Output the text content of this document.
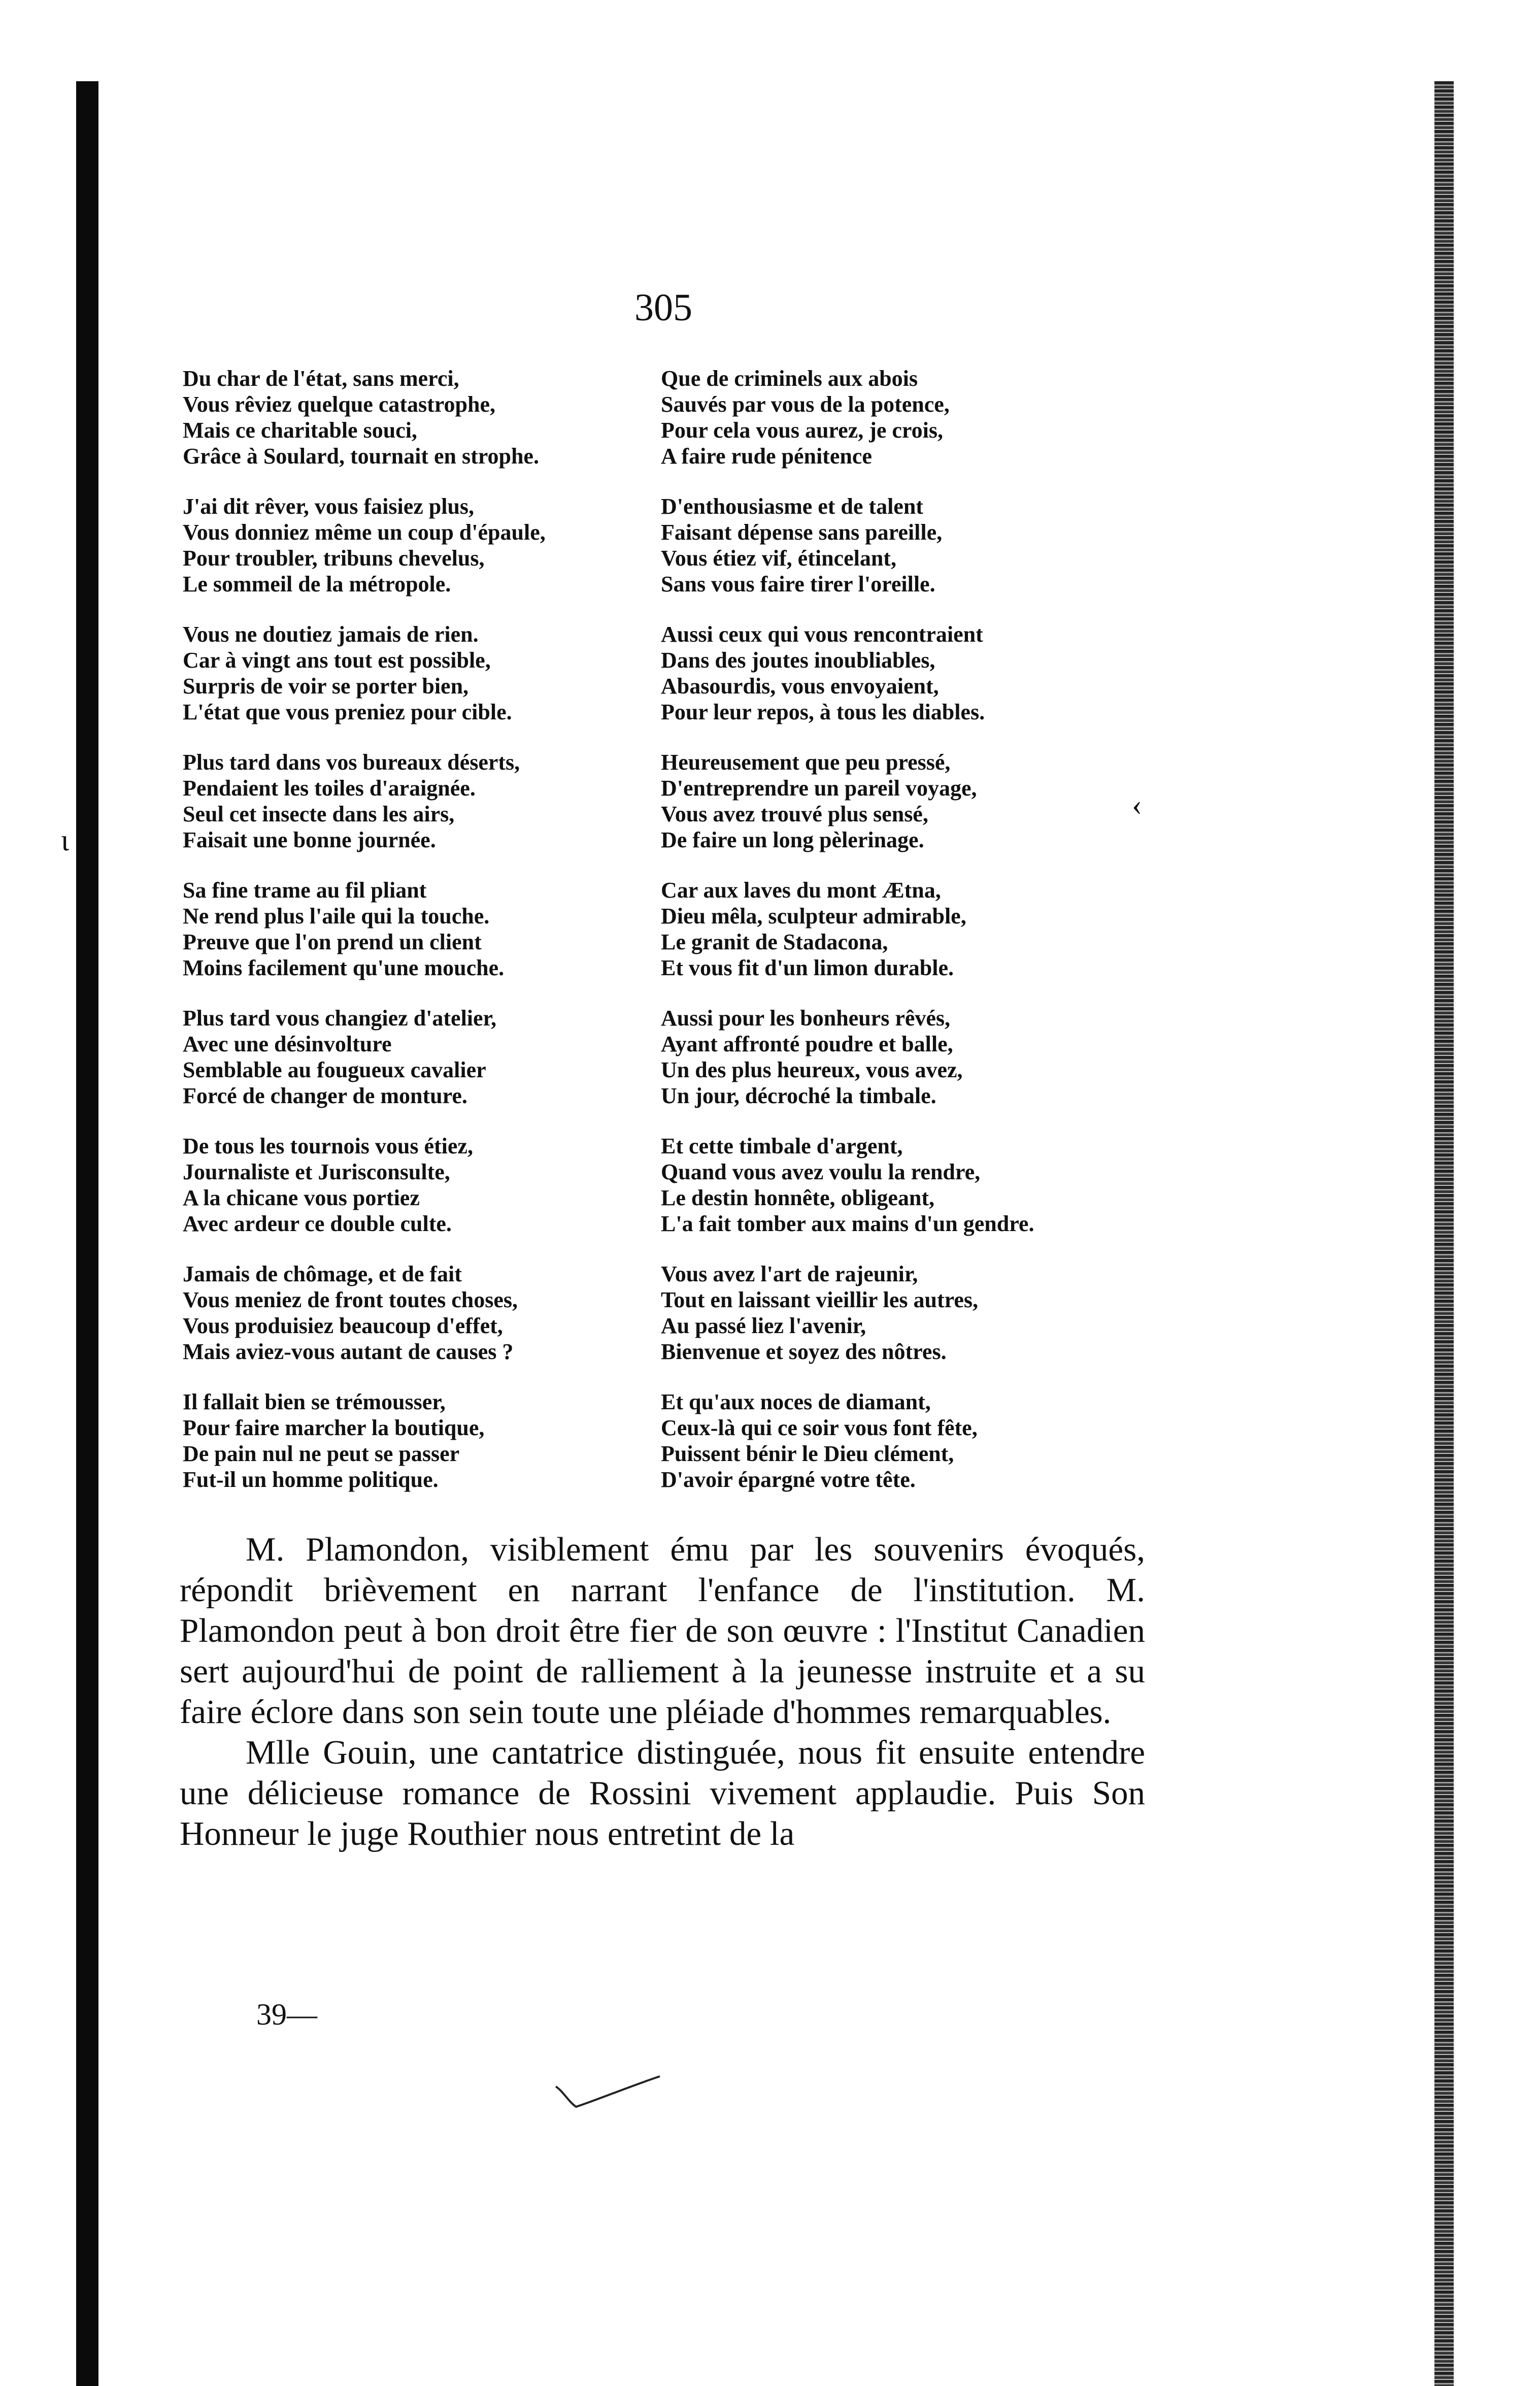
305
Du char de l'état, sans merci,
Vous rêviez quelque catastrophe,
Mais ce charitable souci,
Grâce à Soulard, tournait en strophe.
J'ai dit rêver, vous faisiez plus,
Vous donniez même un coup d'épaule,
Pour troubler, tribuns chevelus,
Le sommeil de la métropole.
Vous ne doutiez jamais de rien.
Car à vingt ans tout est possible,
Surpris de voir se porter bien,
L'état que vous preniez pour cible.
Plus tard dans vos bureaux déserts,
Pendaient les toiles d'araignée.
Seul cet insecte dans les airs,
Faisait une bonne journée.
Sa fine trame au fil pliant
Ne rend plus l'aile qui la touche.
Preuve que l'on prend un client
Moins facilement qu'une mouche.
Plus tard vous changiez d'atelier,
Avec une désinvolture
Semblable au fougueux cavalier
Forcé de changer de monture.
De tous les tournois vous étiez,
Journaliste et Jurisconsulte,
A la chicane vous portiez
Avec ardeur ce double culte.
Jamais de chômage, et de fait
Vous meniez de front toutes choses,
Vous produisiez beaucoup d'effet,
Mais aviez-vous autant de causes ?
Il fallait bien se trémousser,
Pour faire marcher la boutique,
De pain nul ne peut se passer
Fut-il un homme politique.
Que de criminels aux abois
Sauvés par vous de la potence,
Pour cela vous aurez, je crois,
A faire rude pénitence
D'enthousiasme et de talent
Faisant dépense sans pareille,
Vous étiez vif, étincelant,
Sans vous faire tirer l'oreille.
Aussi ceux qui vous rencontraient
Dans des joutes inoubliables,
Abasourdis, vous envoyaient,
Pour leur repos, à tous les diables.
Heureusement que peu pressé,
D'entreprendre un pareil voyage,
Vous avez trouvé plus sensé,
De faire un long pèlerinage.
Car aux laves du mont Ætna,
Dieu mêla, sculpteur admirable,
Le granit de Stadacona,
Et vous fit d'un limon durable.
Aussi pour les bonheurs rêvés,
Ayant affronté poudre et balle,
Un des plus heureux, vous avez,
Un jour, décroché la timbale.
Et cette timbale d'argent,
Quand vous avez voulu la rendre,
Le destin honnête, obligeant,
L'a fait tomber aux mains d'un gendre.
Vous avez l'art de rajeunir,
Tout en laissant vieillir les autres,
Au passé liez l'avenir,
Bienvenue et soyez des nôtres.
Et qu'aux noces de diamant,
Ceux-là qui ce soir vous font fête,
Puissent bénir le Dieu clément,
D'avoir épargné votre tête.

M. Plamondon, visiblement ému par les souvenirs évoqués, répondit brièvement en narrant l'enfance de l'institution. M. Plamondon peut à bon droit être fier de son œuvre : l'Institut Canadien sert aujourd'hui de point de ralliement à la jeunesse instruite et a su faire éclore dans son sein toute une pléiade d'hommes remarquables.

Mlle Gouin, une cantatrice distinguée, nous fit ensuite entendre une délicieuse romance de Rossini vivement applaudie. Puis Son Honneur le juge Routhier nous entretint de la

‹
ι
39—
